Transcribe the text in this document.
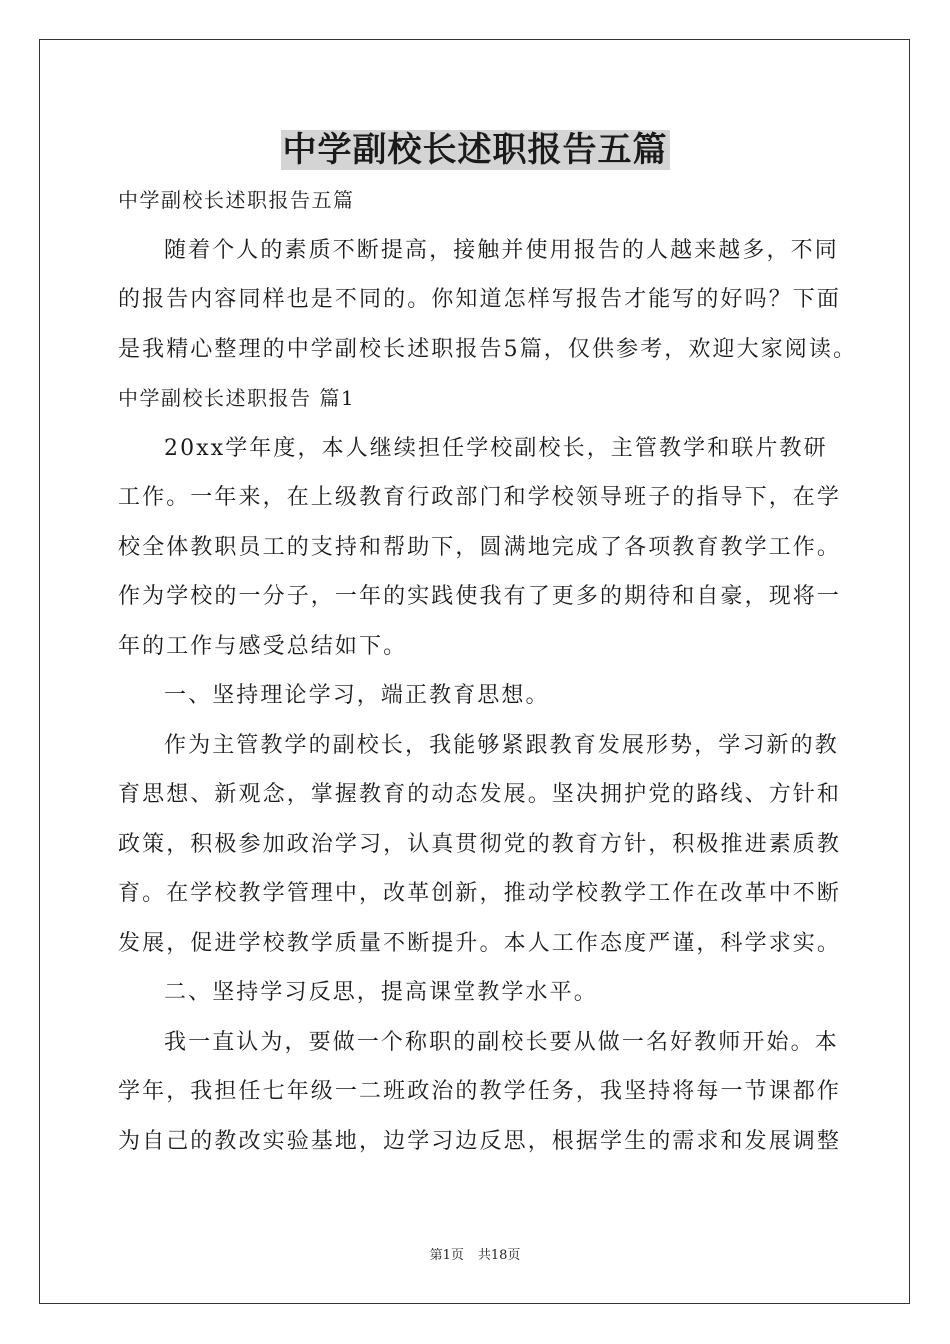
中学副校长述职报告五篇
中学副校长述职报告五篇
随着个人的素质不断提高，接触并使用报告的人越来越多，不同
的报告内容同样也是不同的。你知道怎样写报告才能写的好吗？下面
是我精心整理的中学副校长述职报告5篇，仅供参考，欢迎大家阅读。
中学副校长述职报告 篇1
20xx学年度，本人继续担任学校副校长，主管教学和联片教研
工作。一年来，在上级教育行政部门和学校领导班子的指导下，在学
校全体教职员工的支持和帮助下，圆满地完成了各项教育教学工作。
作为学校的一分子，一年的实践使我有了更多的期待和自豪，现将一
年的工作与感受总结如下。
一、坚持理论学习，端正教育思想。
作为主管教学的副校长，我能够紧跟教育发展形势，学习新的教
育思想、新观念，掌握教育的动态发展。坚决拥护党的路线、方针和
政策，积极参加政治学习，认真贯彻党的教育方针，积极推进素质教
育。在学校教学管理中，改革创新，推动学校教学工作在改革中不断
发展，促进学校教学质量不断提升。本人工作态度严谨，科学求实。
二、坚持学习反思，提高课堂教学水平。
我一直认为，要做一个称职的副校长要从做一名好教师开始。本
学年，我担任七年级一二班政治的教学任务，我坚持将每一节课都作
为自己的教改实验基地，边学习边反思，根据学生的需求和发展调整
第1页 共18页
